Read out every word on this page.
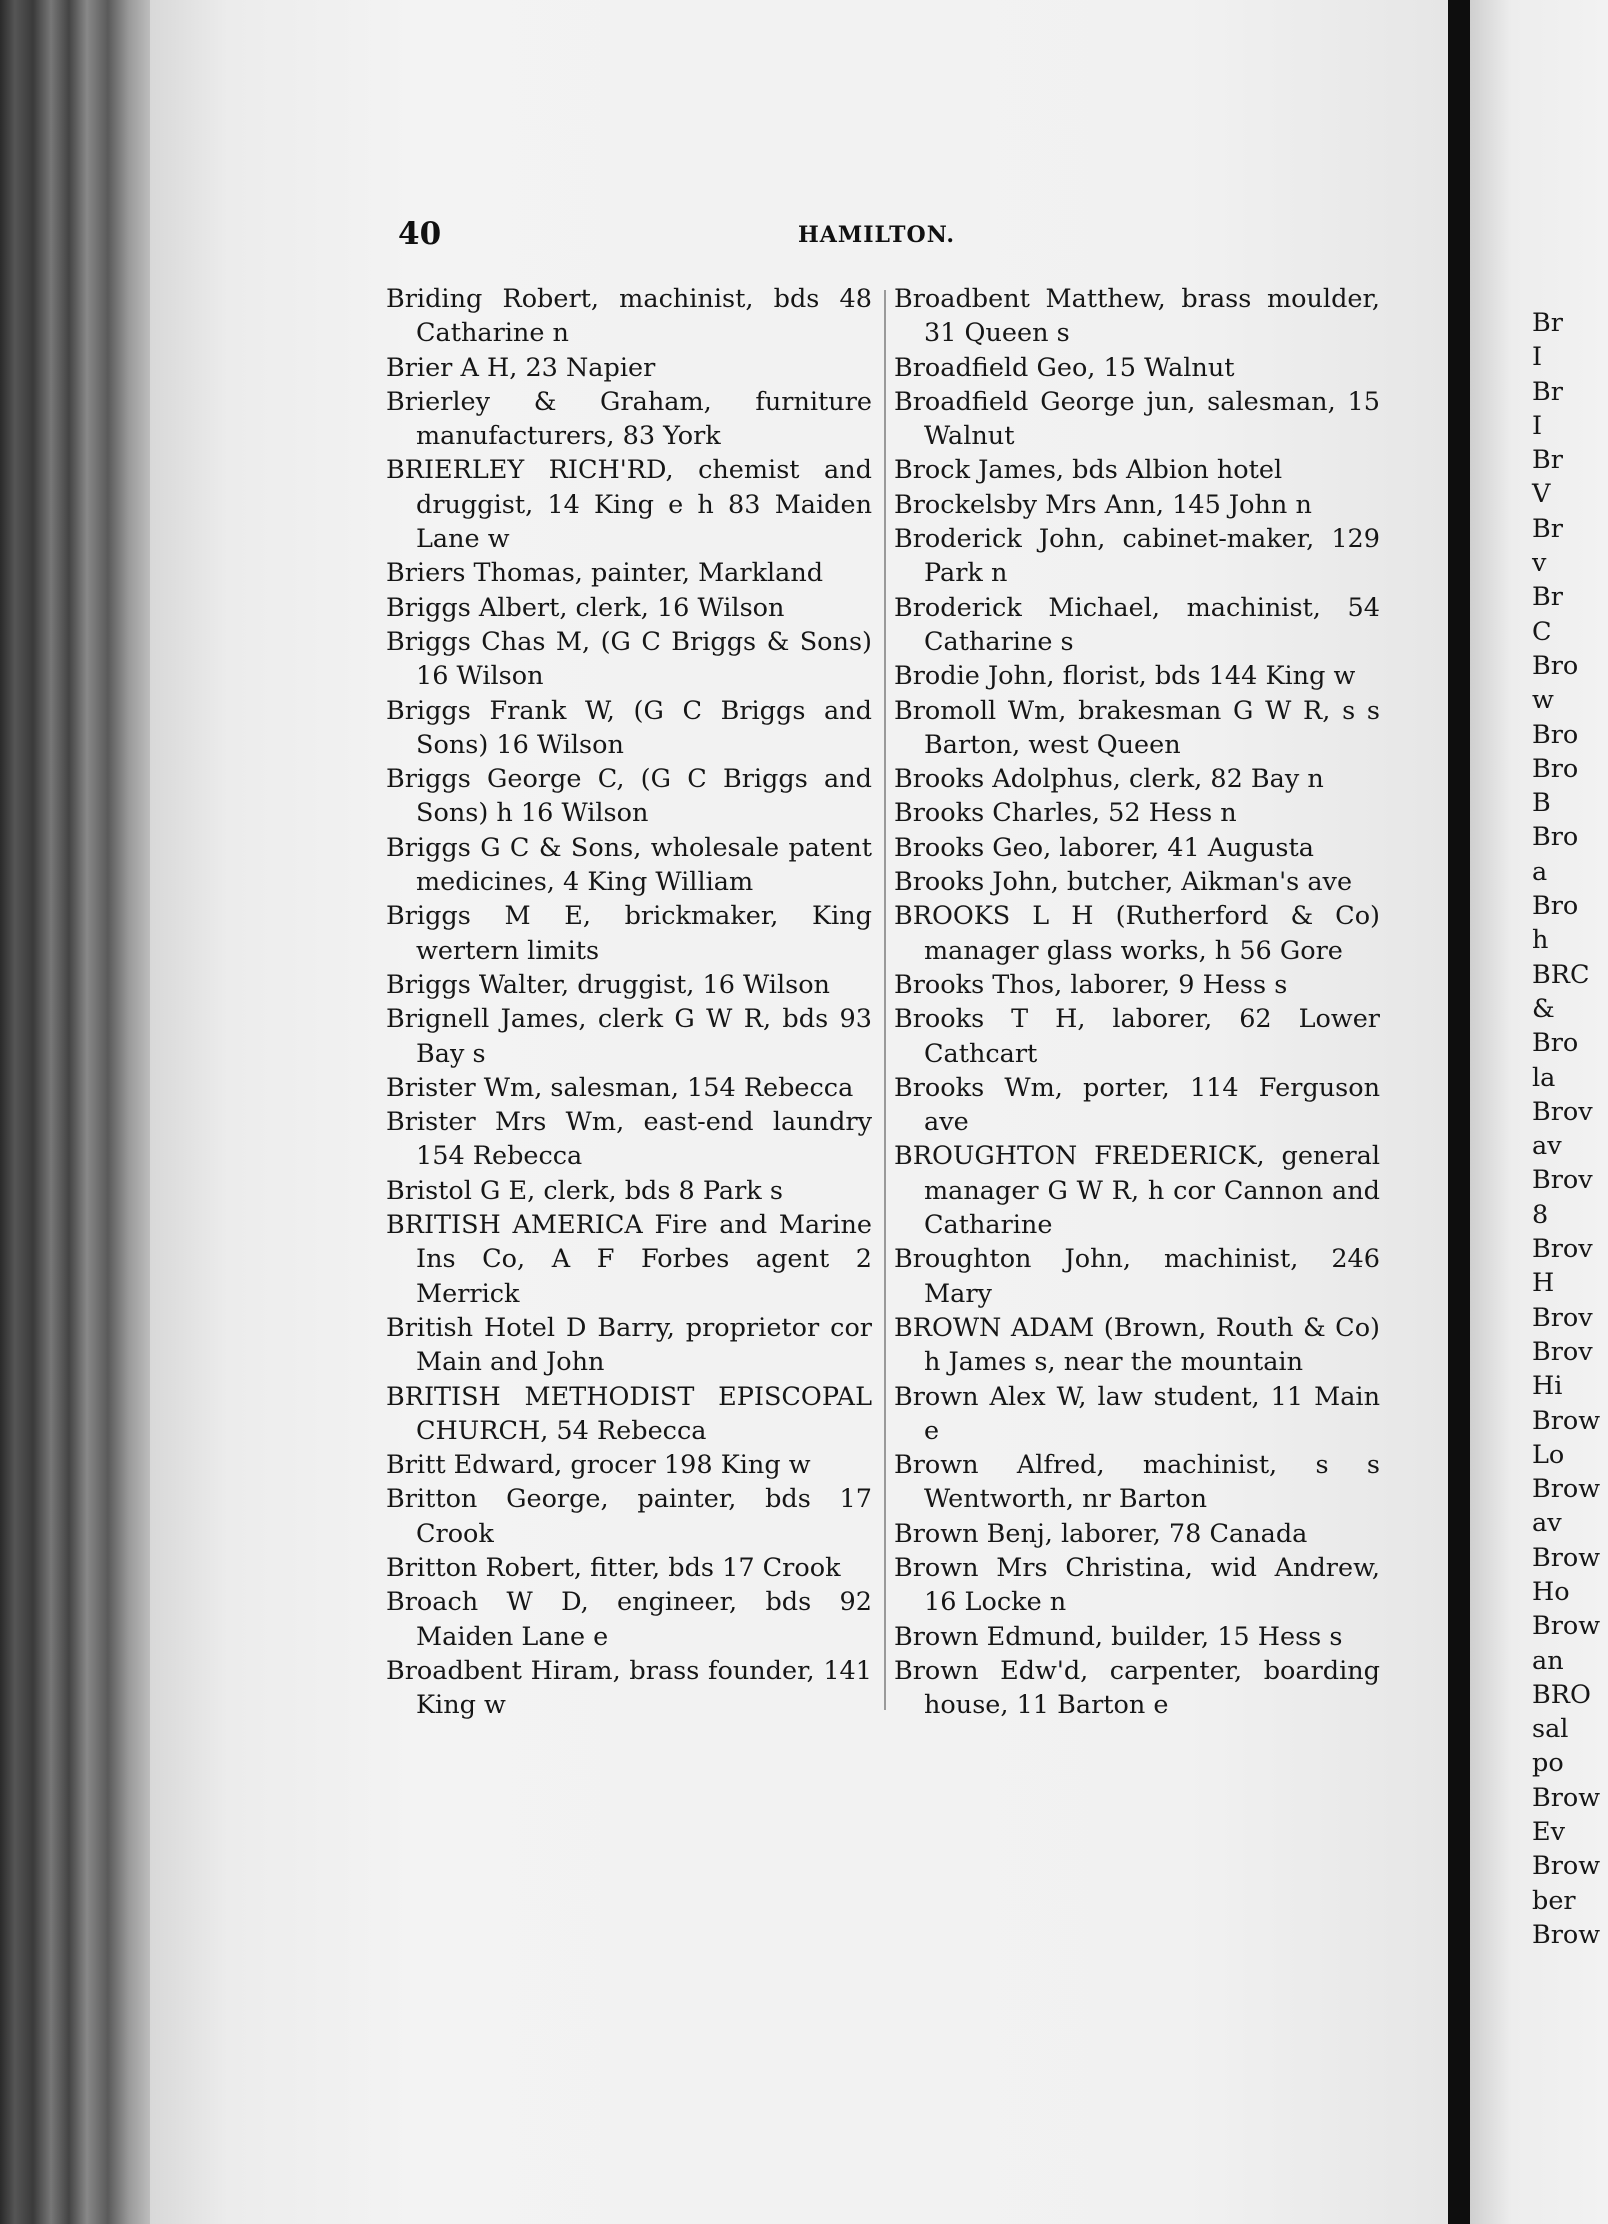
40	HAMILTON.

Briding Robert, machinist, bds 48 Catharine n

Brier A H, 23 Napier

Brierley & Graham, furniture manufacturers, 83 York

BRIERLEY RICH'RD, chemist and druggist, 14 King e h 83 Maiden Lane w

Briers Thomas, painter, Markland

Briggs Albert, clerk, 16 Wilson

Briggs Chas M, (G C Briggs & Sons) 16 Wilson

Briggs Frank W, (G C Briggs and Sons) 16 Wilson

Briggs George C, (G C Briggs and Sons) h 16 Wilson

Briggs G C & Sons, wholesale patent medicines, 4 King William

Briggs M E, brickmaker, King wertern limits

Briggs Walter, druggist, 16 Wilson

Brignell James, clerk G W R, bds 93 Bay s

Brister Wm, salesman, 154 Rebecca

Brister Mrs Wm, east-end laundry 154 Rebecca

Bristol G E, clerk, bds 8 Park s

BRITISH AMERICA Fire and Marine Ins Co, A F Forbes agent 2 Merrick

British Hotel D Barry, proprietor cor Main and John

BRITISH METHODIST EPISCOPAL CHURCH, 54 Rebecca

Britt Edward, grocer 198 King w

Britton George, painter, bds 17 Crook

Britton Robert, fitter, bds 17 Crook

Broach W D, engineer, bds 92 Maiden Lane e

Broadbent Hiram, brass founder, 141 King w

Broadbent Matthew, brass moulder, 31 Queen s

Broadfield Geo, 15 Walnut

Broadfield George jun, salesman, 15 Walnut

Brock James, bds Albion hotel

Brockelsby Mrs Ann, 145 John n

Broderick John, cabinet-maker, 129 Park n

Broderick Michael, machinist, 54 Catharine s

Brodie John, florist, bds 144 King w

Bromoll Wm, brakesman G W R, s s Barton, west Queen

Brooks Adolphus, clerk, 82 Bay n

Brooks Charles, 52 Hess n

Brooks Geo, laborer, 41 Augusta

Brooks John, butcher, Aikman's ave

BROOKS L H (Rutherford & Co) manager glass works, h 56 Gore

Brooks Thos, laborer, 9 Hess s

Brooks T H, laborer, 62 Lower Cathcart

Brooks Wm, porter, 114 Ferguson ave

BROUGHTON FREDERICK, general manager G W R, h cor Cannon and Catharine

Broughton John, machinist, 246 Mary

BROWN ADAM (Brown, Routh & Co) h James s, near the mountain

Brown Alex W, law student, 11 Main e

Brown Alfred, machinist, s s Wentworth, nr Barton

Brown Benj, laborer, 78 Canada

Brown Mrs Christina, wid Andrew, 16 Locke n

Brown Edmund, builder, 15 Hess s

Brown Edw'd, carpenter, boarding house, 11 Barton e

Br

I

Br

I

Br

V

Br

v

Br

C

Bro

w

Bro

Bro

B

Bro

a

Bro

h

BRC

&

Bro

la

Brov

av

Brov

8

Brov

H

Brov

Brov

Hi

Brow

Lo

Brow

av

Brow

Ho

Brow

an

BRO

sal

po

Brow

Ev

Brow

ber

Brow
